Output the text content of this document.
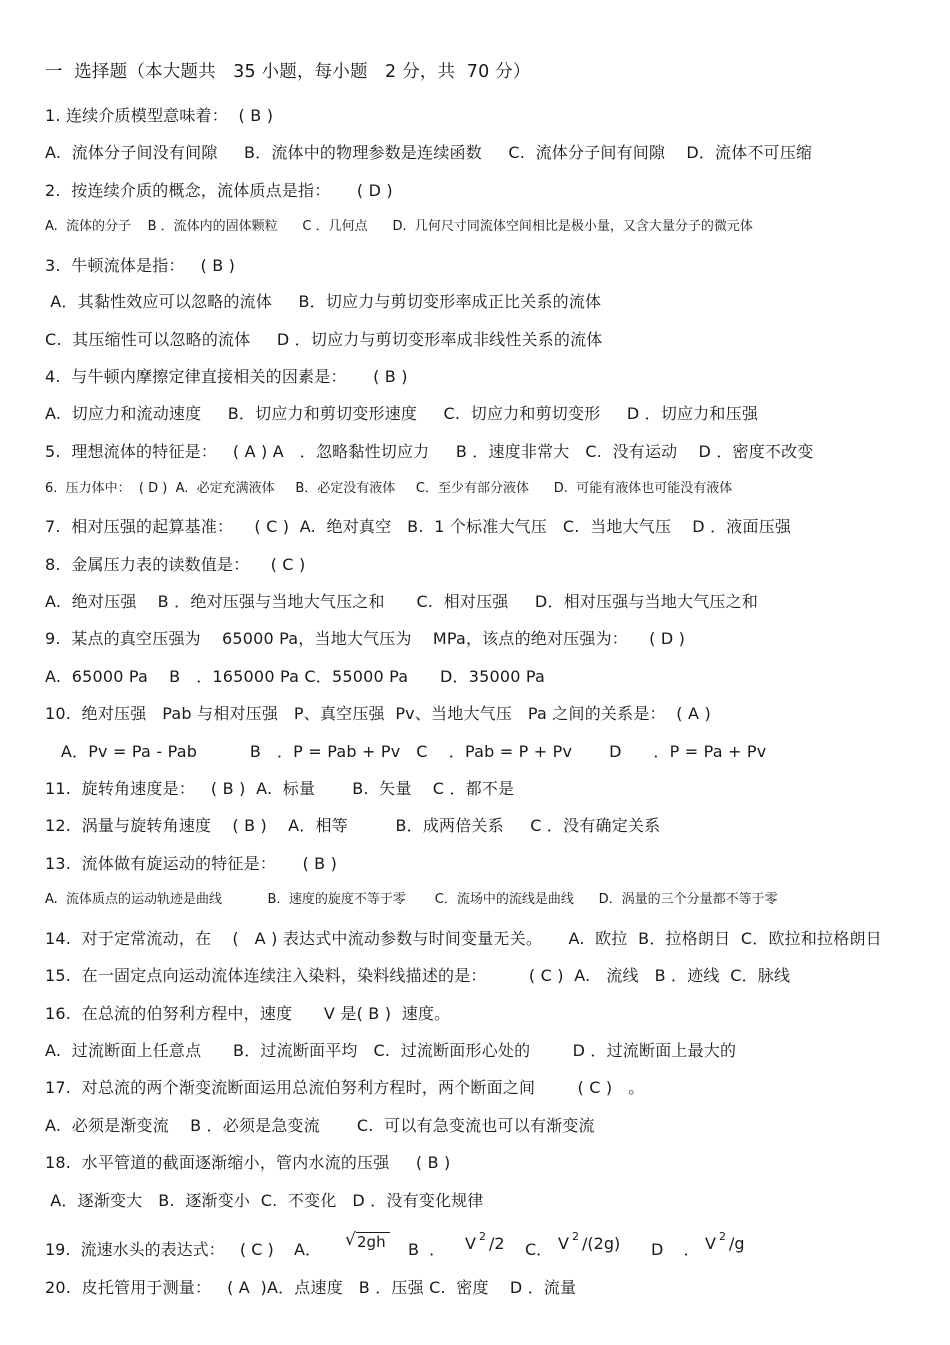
一  选择题（本大题共   35 小题，每小题   2 分，共  70 分）
1. 连续介质模型意味着：  ( B )
A.  流体分子间没有间隙     B．流体中的物理参数是连续函数     C.  流体分子间有间隙    D．流体不可压缩
2.  按连续介质的概念，流体质点是指：     ( D )
A.  流体的分子    B ．流体内的固体颗粒      C ．几何点      D.  几何尺寸同流体空间相比是极小量，又含大量分子的微元体
3.  牛顿流体是指：   ( B )
A．其黏性效应可以忽略的流体     B．切应力与剪切变形率成正比关系的流体
C.  其压缩性可以忽略的流体     D ．切应力与剪切变形率成非线性关系的流体
4.  与牛顿内摩擦定律直接相关的因素是：     ( B )
A.  切应力和流动速度     B．切应力和剪切变形速度     C.  切应力和剪切变形     D ．切应力和压强
5.  理想流体的特征是：   ( A ) A   ．忽略黏性切应力     B ．速度非常大   C.  没有运动    D ．密度不改变
6.  压力体中：  ( D )  A.  必定充满液体     B．必定没有液体     C．至少有部分液体      D.  可能有液体也可能没有液体
7.  相对压强的起算基准：    ( C )  A.  绝对真空   B.  1 个标准大气压   C.  当地大气压    D ．液面压强
8.  金属压力表的读数值是：    ( C )
A.  绝对压强    B ．绝对压强与当地大气压之和      C.  相对压强     D．相对压强与当地大气压之和
9.  某点的真空压强为    65000 Pa，当地大气压为    MPa，该点的绝对压强为：    ( D )
A.  65000 Pa    B   ．165000 Pa C．55000 Pa      D．35000 Pa
10.  绝对压强   Pab 与相对压强   P、真空压强  Pv、当地大气压   Pa 之间的关系是：  ( A )
A．Pv = Pa - Pab          B   ．P = Pab + Pv   C    ．Pab = P + Pv       D      ．P = Pa + Pv
11.  旋转角速度是：   ( B )  A.  标量       B.  矢量    C ．都不是
12.  涡量与旋转角速度    ( B )    A．相等         B．成两倍关系     C ．没有确定关系
13.  流体做有旋运动的特征是：     ( B )
A.  流体质点的运动轨迹是曲线           B.  速度的旋度不等于零       C．流场中的流线是曲线      D．涡量的三个分量都不等于零
14.  对于定常流动，在    (   A ) 表达式中流动参数与时间变量无关。     A.  欧拉  B．拉格朗日  C．欧拉和拉格朗日
15.  在一固定点向运动流体连续注入染料，染料线描述的是：        ( C )  A.   流线   B ．迹线  C．脉线
16.  在总流的伯努利方程中，速度      V 是( B )  速度。
A.  过流断面上任意点      B．过流断面平均   C.  过流断面形心处的        D ．过流断面上最大的
17.  对总流的两个渐变流断面运用总流伯努利方程时，两个断面之间        ( C )   。
A.  必须是渐变流    B ．必须是急变流       C.  可以有急变流也可以有渐变流
18.  水平管道的截面逐渐缩小，管内水流的压强     ( B )
A．逐渐变大   B.  逐渐变小  C.  不变化   D ．没有变化规律
19.  流速水头的表达式：   ( C )    A． √ 2gh B  ． V 2 /2 C． V 2 /(2g) D    ． V 2 /g
20.  皮托管用于测量：   ( A  )A．点速度   B ．压强 C.  密度    D ．流量
